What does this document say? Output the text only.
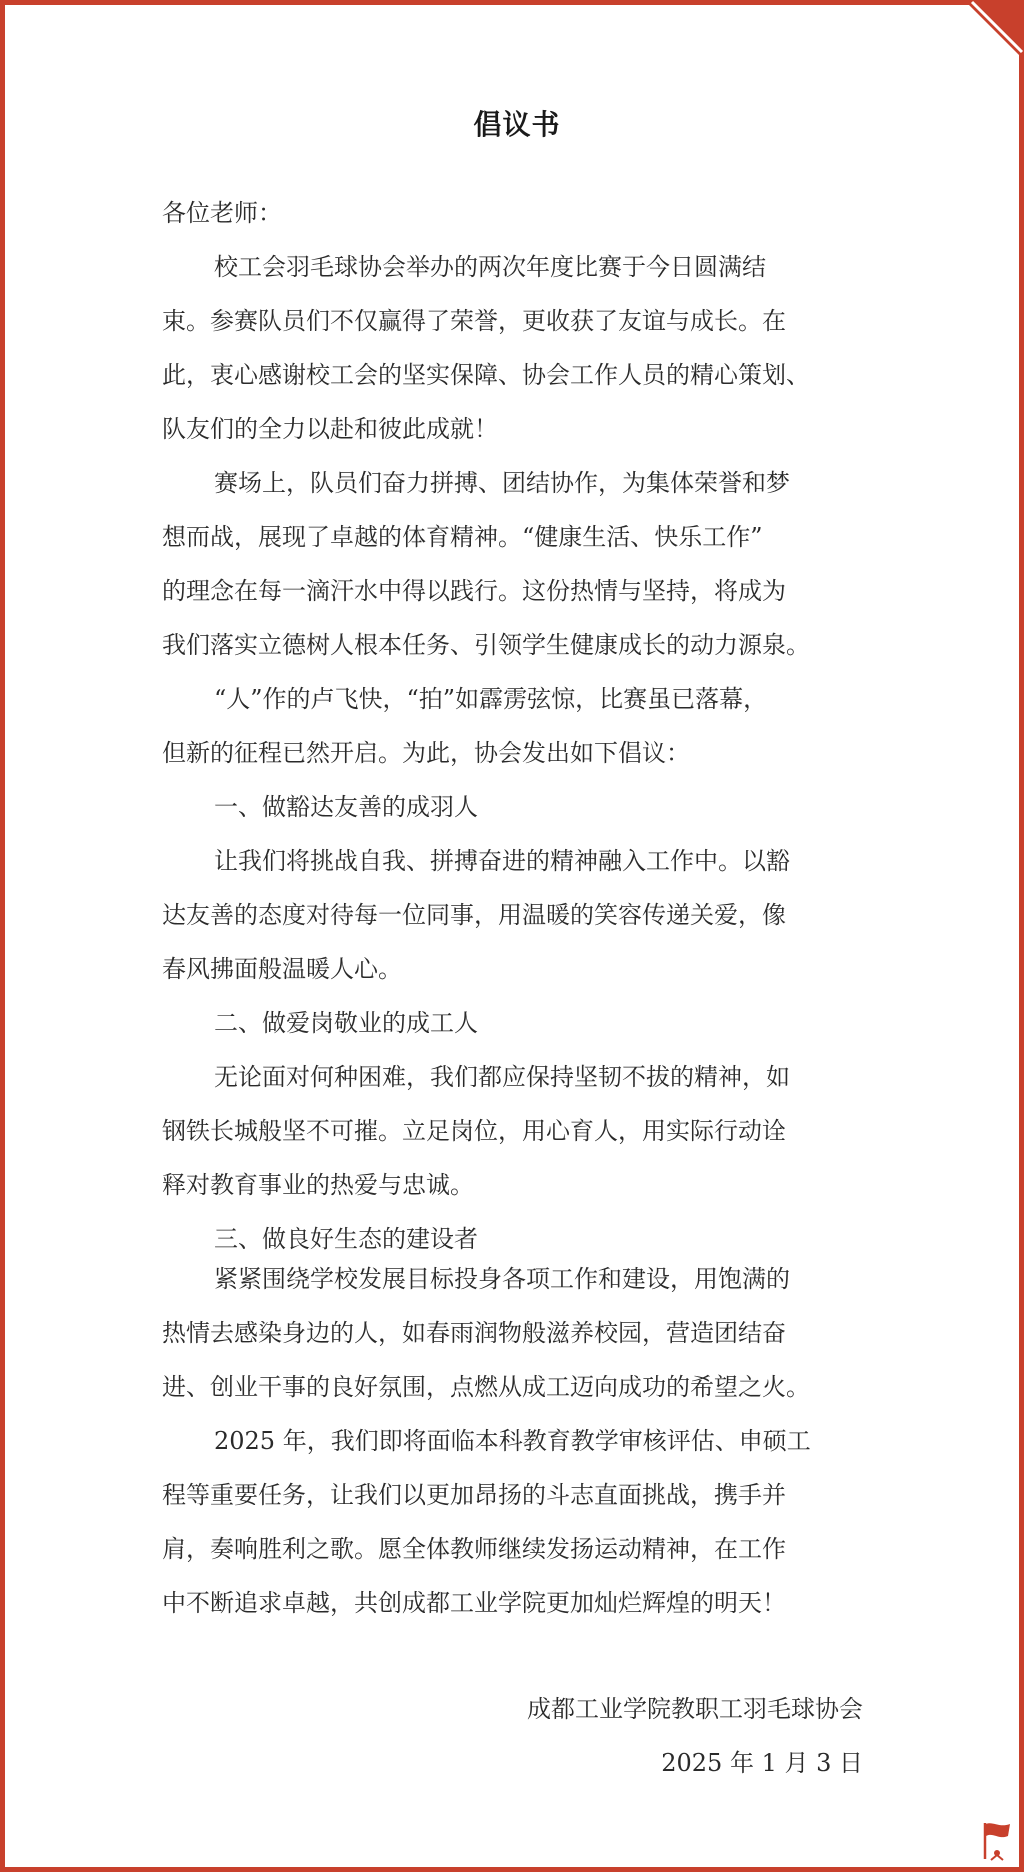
倡议书
各位老师：
校工会羽毛球协会举办的两次年度比赛于今日圆满结
束。参赛队员们不仅赢得了荣誉，更收获了友谊与成长。在
此，衷心感谢校工会的坚实保障、协会工作人员的精心策划、
队友们的全力以赴和彼此成就！
赛场上，队员们奋力拼搏、团结协作，为集体荣誉和梦
想而战，展现了卓越的体育精神。“健康生活、快乐工作”
的理念在每一滴汗水中得以践行。这份热情与坚持，将成为
我们落实立德树人根本任务、引领学生健康成长的动力源泉。
“人”作的卢飞快，“拍”如霹雳弦惊，比赛虽已落幕，
但新的征程已然开启。为此，协会发出如下倡议：
一、做豁达友善的成羽人
让我们将挑战自我、拼搏奋进的精神融入工作中。以豁
达友善的态度对待每一位同事，用温暖的笑容传递关爱，像
春风拂面般温暖人心。
二、做爱岗敬业的成工人
无论面对何种困难，我们都应保持坚韧不拔的精神，如
钢铁长城般坚不可摧。立足岗位，用心育人，用实际行动诠
释对教育事业的热爱与忠诚。
三、做良好生态的建设者
紧紧围绕学校发展目标投身各项工作和建设，用饱满的
热情去感染身边的人，如春雨润物般滋养校园，营造团结奋
进、创业干事的良好氛围，点燃从成工迈向成功的希望之火。
2025 年，我们即将面临本科教育教学审核评估、申硕工
程等重要任务，让我们以更加昂扬的斗志直面挑战，携手并
肩，奏响胜利之歌。愿全体教师继续发扬运动精神，在工作
中不断追求卓越，共创成都工业学院更加灿烂辉煌的明天！
成都工业学院教职工羽毛球协会
2025 年 1 月 3 日
